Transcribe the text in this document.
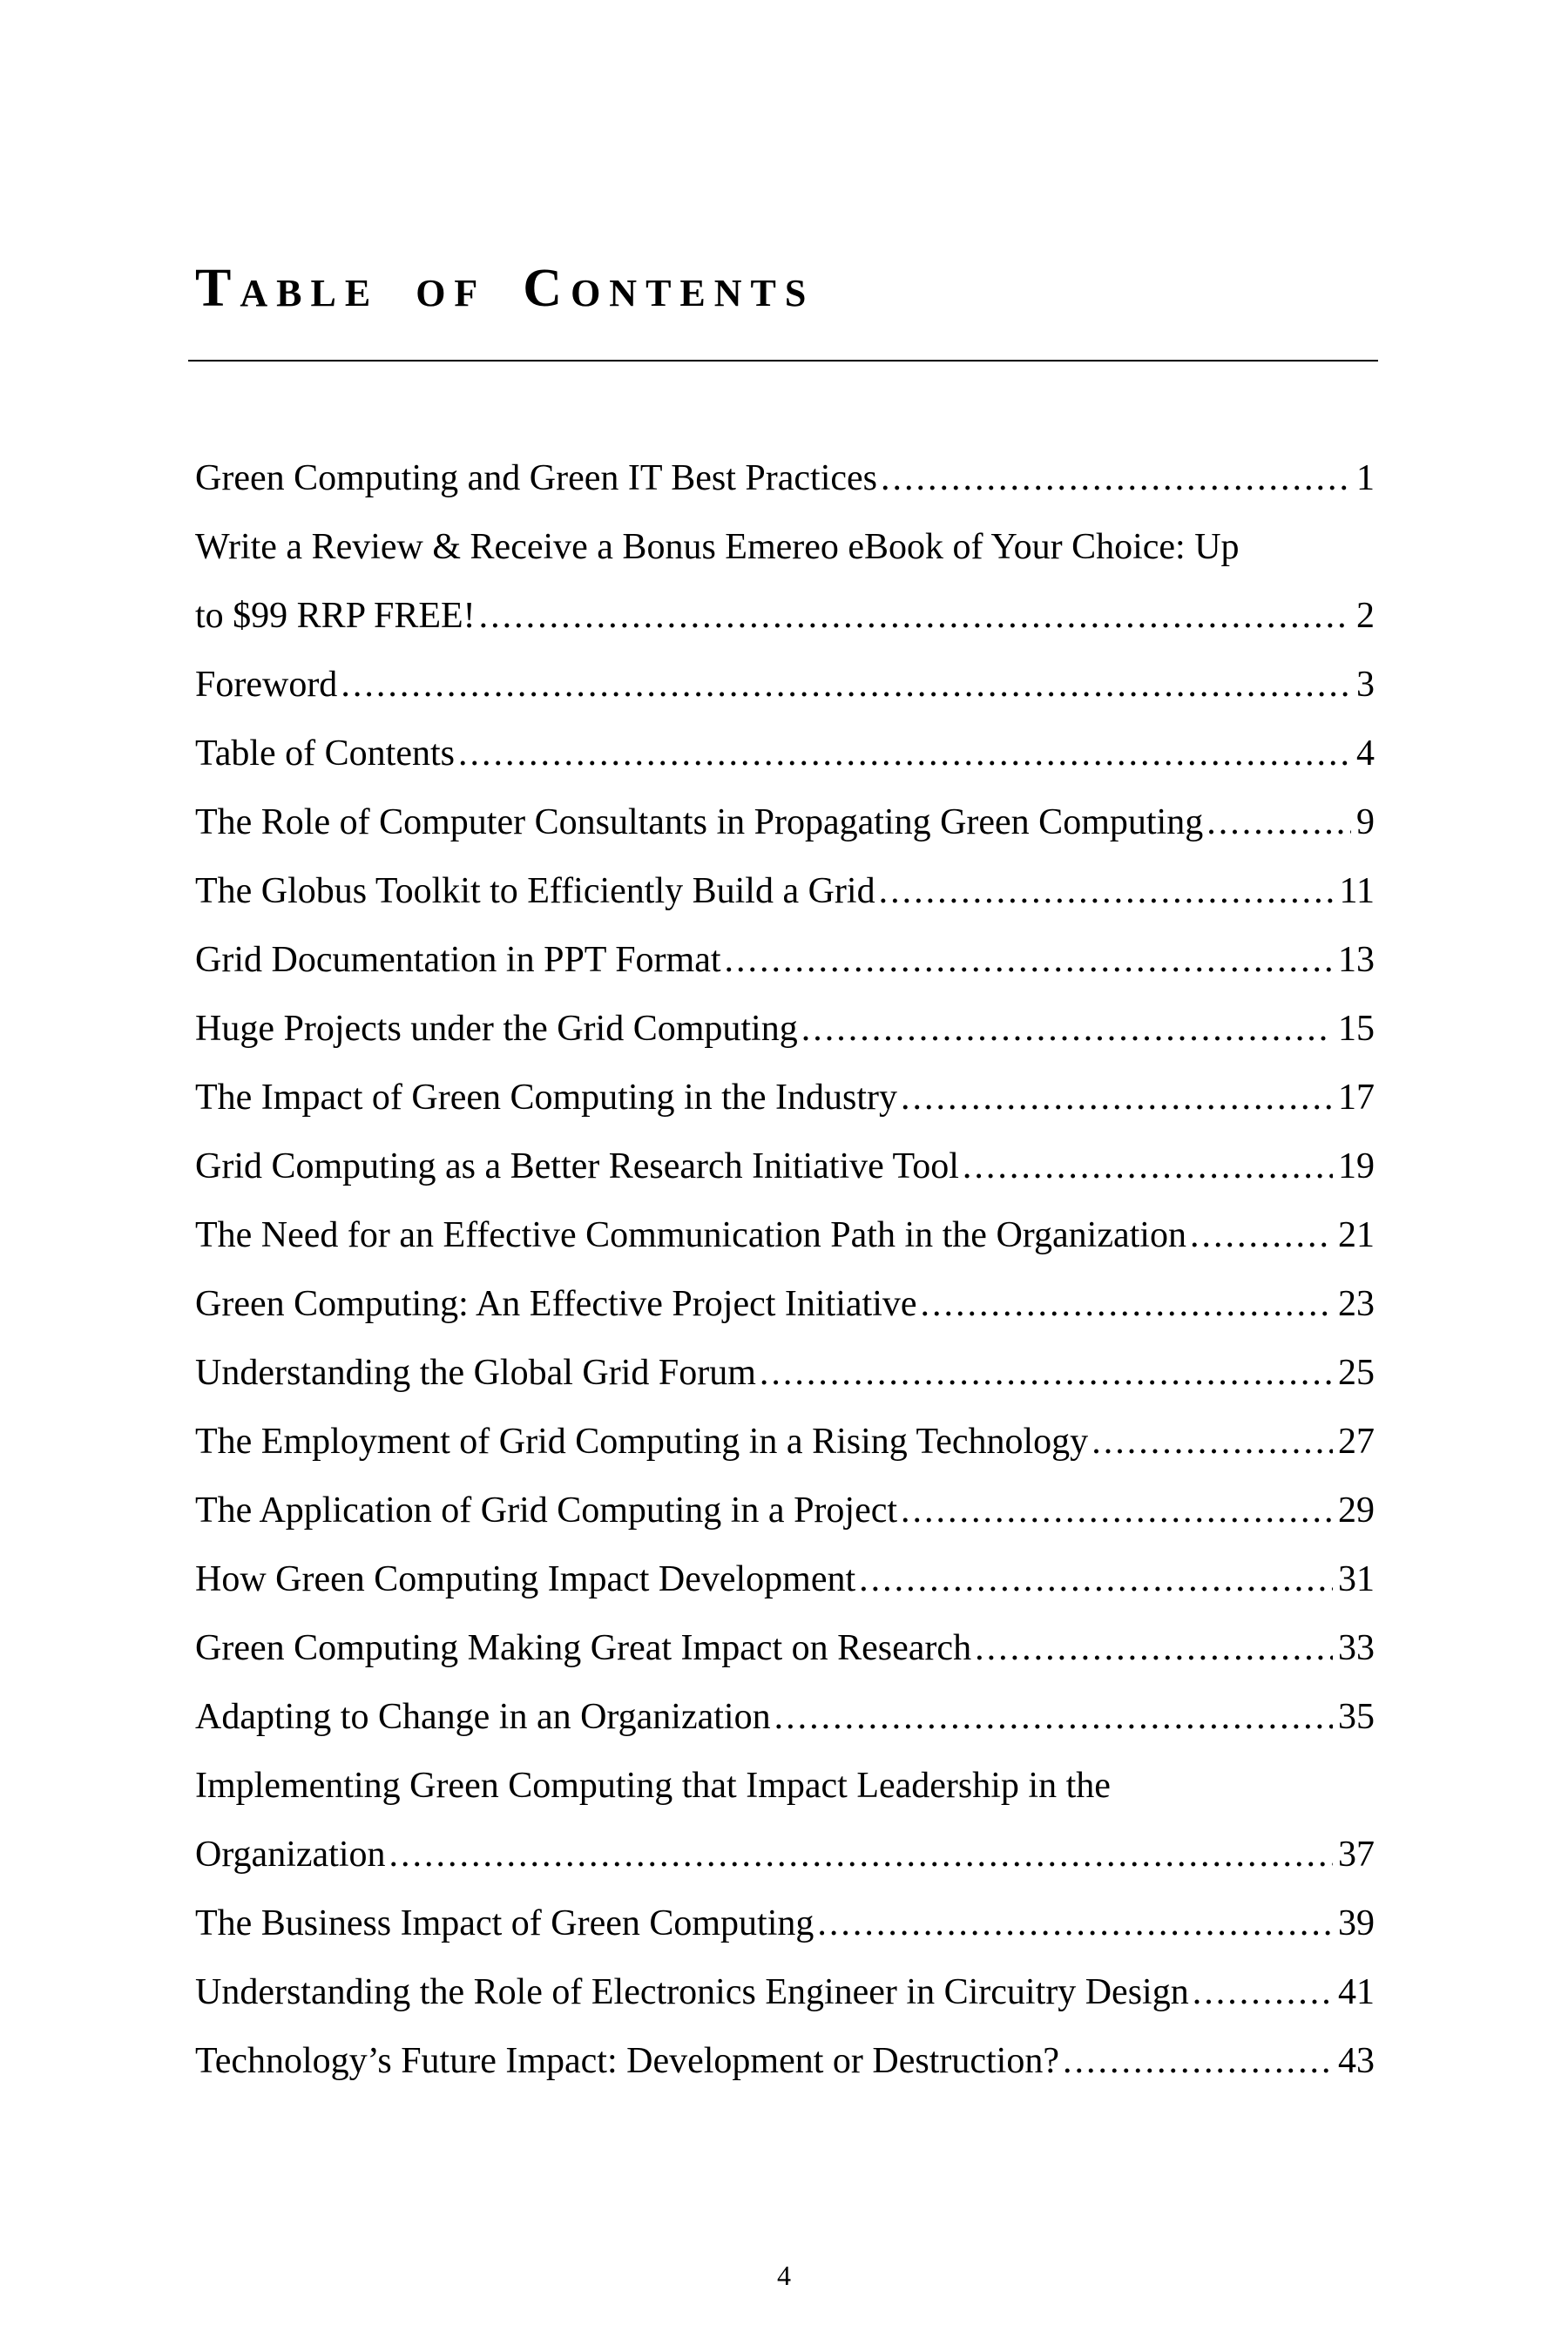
TABLE OF CONTENTS
Green Computing and Green IT Best Practices .....	1
Write a Review & Receive a Bonus Emereo eBook of Your Choice: Up
to $99 RRP FREE! .....	2
Foreword .....	3
Table of Contents .....	4
The Role of Computer Consultants in Propagating Green Computing .....	9
The Globus Toolkit to Efficiently Build a Grid .....	11
Grid Documentation in PPT Format .....	13
Huge Projects under the Grid Computing .....	15
The Impact of Green Computing in the Industry .....	17
Grid Computing as a Better Research Initiative Tool .....	19
The Need for an Effective Communication Path in the Organization .....	21
Green Computing: An Effective Project Initiative .....	23
Understanding the Global Grid Forum .....	25
The Employment of Grid Computing in a Rising Technology .....	27
The Application of Grid Computing in a Project .....	29
How Green Computing Impact Development .....	31
Green Computing Making Great Impact on Research .....	33
Adapting to Change in an Organization .....	35
Implementing Green Computing that Impact Leadership in the
Organization .....	37
The Business Impact of Green Computing .....	39
Understanding the Role of Electronics Engineer in Circuitry Design .....	41
Technology’s Future Impact: Development or Destruction? .....	43
4
